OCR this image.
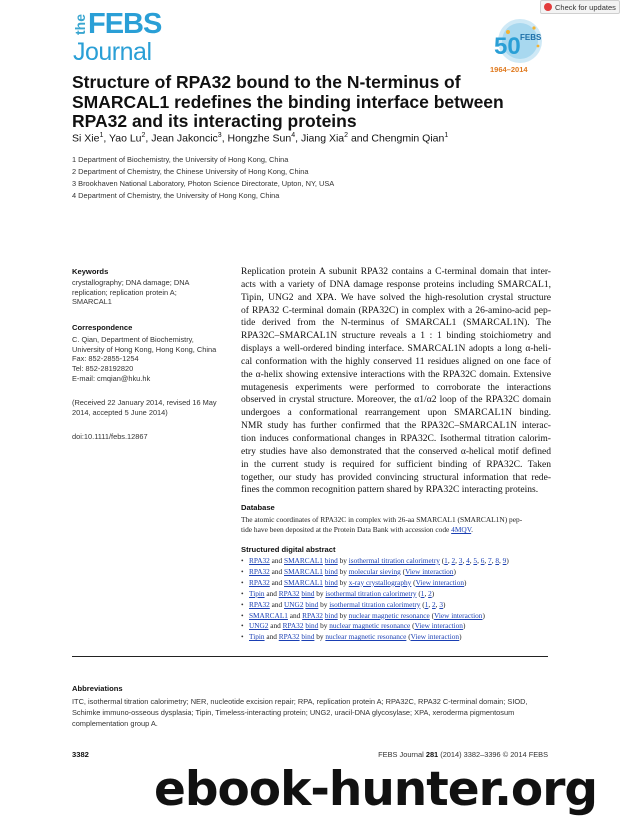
the FEBS
Journal
Check for updates
50 FEBS
1964–2014
Structure of RPA32 bound to the N-terminus of SMARCAL1 redefines the binding interface between RPA32 and its interacting proteins
Si Xie$^1$, Yao Lu$^2$, Jean Jakoncic$^3$, Hongzhe Sun$^4$, Jiang Xia$^2$ and Chengmin Qian$^1$
1 Department of Biochemistry, the University of Hong Kong, China
2 Department of Chemistry, the Chinese University of Hong Kong, China
3 Brookhaven National Laboratory, Photon Science Directorate, Upton, NY, USA
4 Department of Chemistry, the University of Hong Kong, China
Keywords
crystallography; DNA damage; DNA
replication; replication protein A;
SMARCAL1
Correspondence
C. Qian, Department of Biochemistry,
University of Hong Kong, Hong Kong, China
Fax: 852-2855-1254
Tel: 852-28192820
E-mail: cmqian@hku.hk
(Received 22 January 2014, revised 16 May
2014, accepted 5 June 2014)
doi:10.1111/febs.12867
Replication protein A subunit RPA32 contains a C-terminal domain that inter-
acts with a variety of DNA damage response proteins including SMARCAL1,
Tipin, UNG2 and XPA. We have solved the high-resolution crystal structure
of RPA32 C-terminal domain (RPA32C) in complex with a 26-amino-acid pep-
tide derived from the N-terminus of SMARCAL1 (SMARCAL1N). The
RPA32C–SMARCAL1N structure reveals a 1 : 1 binding stoichiometry and
displays a well-ordered binding interface. SMARCAL1N adopts a long α-heli-
cal conformation with the highly conserved 11 residues aligned on one face of
the α-helix showing extensive interactions with the RPA32C domain. Extensive
mutagenesis experiments were performed to corroborate the interactions
observed in crystal structure. Moreover, the α1/α2 loop of the RPA32C domain
undergoes a conformational rearrangement upon SMARCAL1N binding.
NMR study has further confirmed that the RPA32C–SMARCAL1N interac-
tion induces conformational changes in RPA32C. Isothermal titration calorim-
etry studies have also demonstrated that the conserved α-helical motif defined
in the current study is required for sufficient binding of RPA32C. Taken
together, our study has provided convincing structural information that rede-
fines the common recognition pattern shared by RPA32C interacting proteins.
Database
The atomic coordinates of RPA32C in complex with 26-aa SMARCAL1 (SMARCAL1N) pep-
tide have been deposited at the Protein Data Bank with accession code 4MQV.
Structured digital abstract
• RPA32 and SMARCAL1 bind by isothermal titration calorimetry (1, 2, 3, 4, 5, 6, 7, 8, 9)
• RPA32 and SMARCAL1 bind by molecular sieving (View interaction)
• RPA32 and SMARCAL1 bind by x-ray crystallography (View interaction)
• Tipin and RPA32 bind by isothermal titration calorimetry (1, 2)
• RPA32 and UNG2 bind by isothermal titration calorimetry (1, 2, 3)
• SMARCAL1 and RPA32 bind by nuclear magnetic resonance (View interaction)
• UNG2 and RPA32 bind by nuclear magnetic resonance (View interaction)
• Tipin and RPA32 bind by nuclear magnetic resonance (View interaction)
Abbreviations
ITC, isothermal titration calorimetry; NER, nucleotide excision repair; RPA, replication protein A; RPA32C, RPA32 C-terminal domain; SIOD,
Schimke immuno-osseous dysplasia; Tipin, Timeless-interacting protein; UNG2, uracil-DNA glycosylase; XPA, xeroderma pigmentosum
complementation group A.
3382	FEBS Journal 281 (2014) 3382–3396 © 2014 FEBS
ebook-hunter.org
